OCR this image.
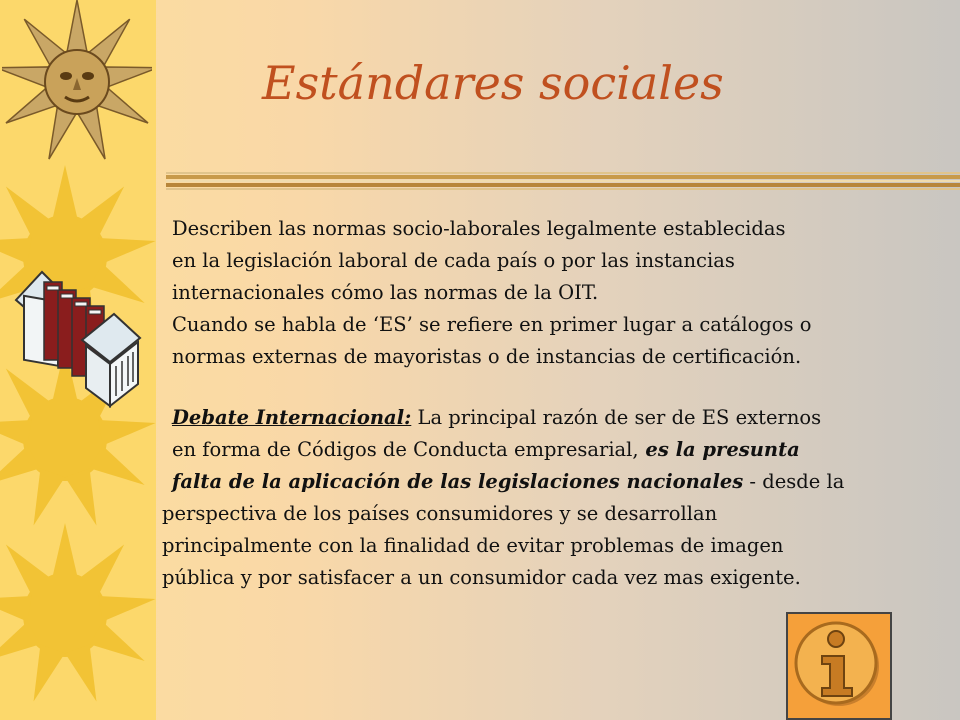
Estándares sociales

Describen las normas socio-laborales legalmente establecidas

en la legislación laboral de cada país o por las instancias

internacionales cómo las normas de la OIT.

Cuando se habla de ‘ES’ se refiere en primer lugar a catálogos o

normas externas de mayoristas o de instancias de certificación.

Debate Internacional: La principal razón de ser de ES externos

en forma de Códigos de Conducta empresarial, es la presunta

falta de la aplicación de las legislaciones nacionales - desde la

perspectiva de los países consumidores y se desarrollan

principalmente con la finalidad de evitar problemas de imagen

pública y por satisfacer a un consumidor cada vez mas exigente.
